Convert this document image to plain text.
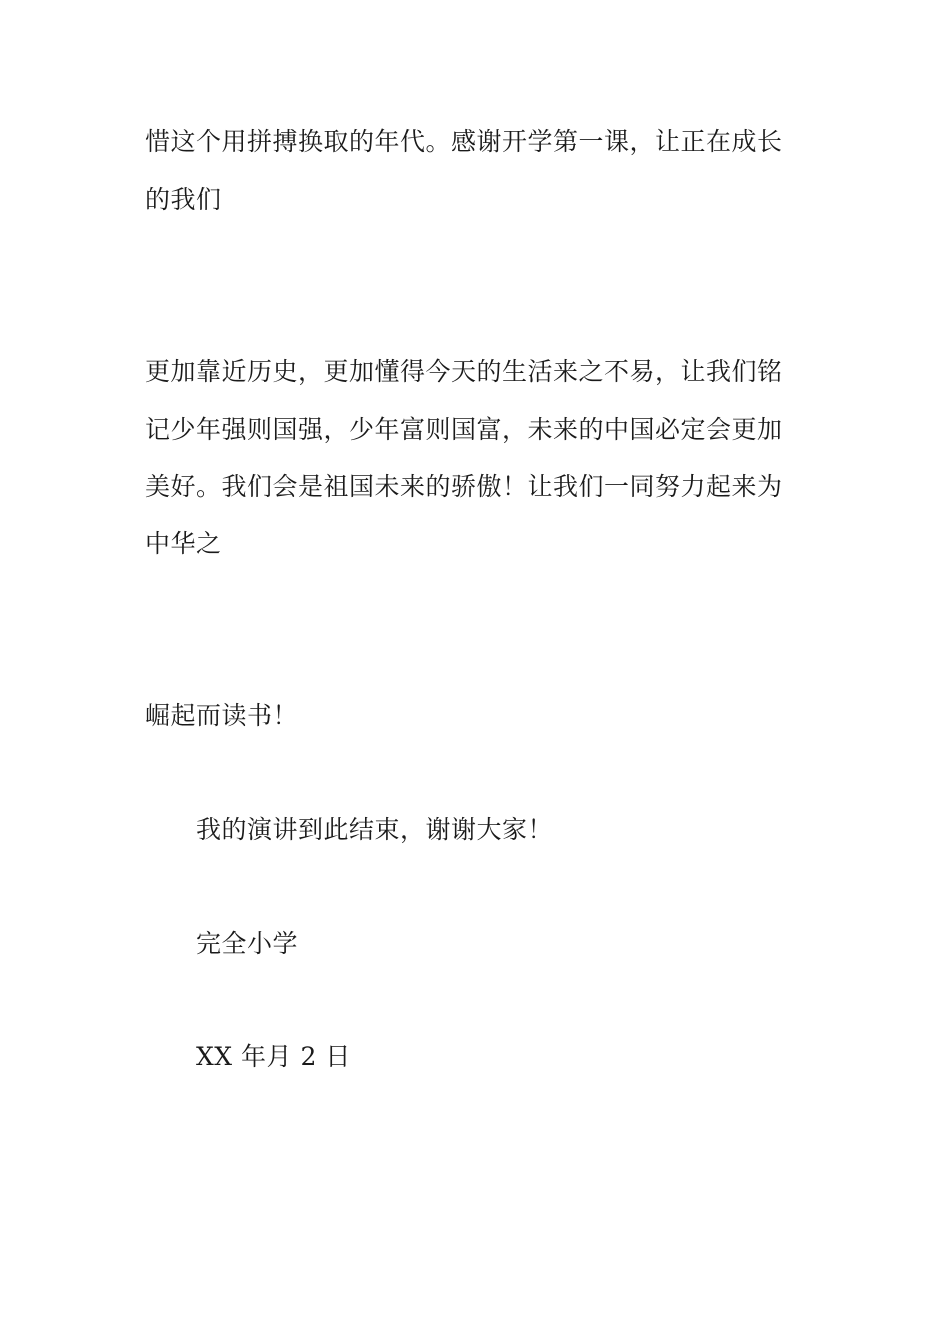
惜这个用拼搏换取的年代。感谢开学第一课，让正在成长
的我们
更加靠近历史，更加懂得今天的生活来之不易，让我们铭
记少年强则国强，少年富则国富，未来的中国必定会更加
美好。我们会是祖国未来的骄傲！让我们一同努力起来为
中华之
崛起而读书！
我的演讲到此结束，谢谢大家！
完全小学
XX 年月 2 日
